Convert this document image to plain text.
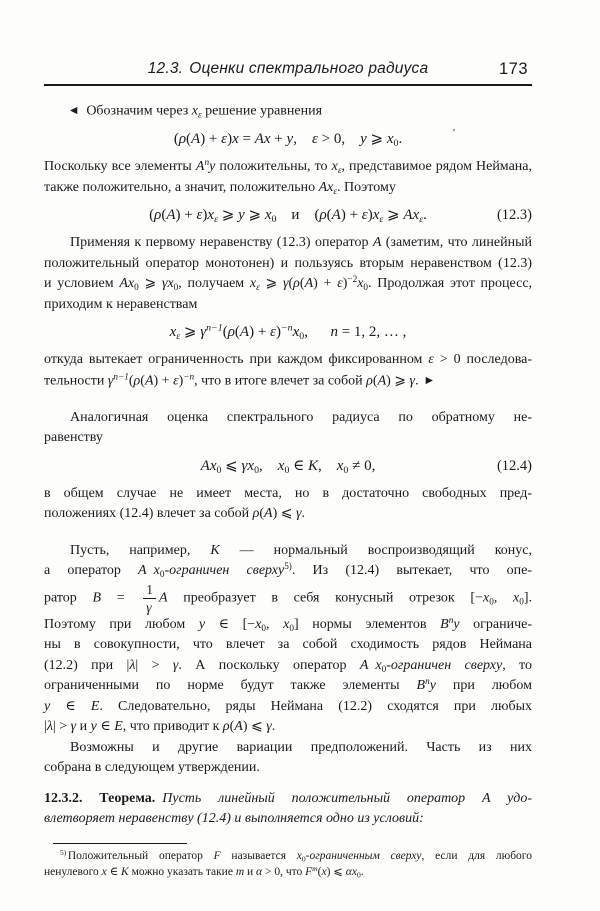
12.3. Оценки спектрального радиуса	173
◀ Обозначим через xε решение уравнения
(ρ(A) + ε)x = Ax + y, ε > 0, y ⩾ x0.
Поскольку все элементы $A^ny$ положительны, то xε, представимое рядом Неймана,
также положительно, а значит, положительно Axε. Поэтому
(ρ(A) + ε)xε ⩾ y ⩾ x0 и (ρ(A) + ε)xε ⩾ Axε.	(12.3)
Применяя к первому неравенству (12.3) оператор A (заметим, что линейный
положительный оператор монотонен) и пользуясь вторым неравенством (12.3)
и условием Ax0 ⩾ γx0, получаем xε ⩾ $\gamma(\rho(A) + \varepsilon)^{-2}x0$. Продолжая этот процесс,
приходим к неравенствам
xε ⩾ $\gamma^{n-1}(\rho(A) + \varepsilon)^{-n}x0$,  n = 1, 2, … ,
откуда вытекает ограниченность при каждом фиксированном ε > 0 последова-
тельности $\gamma^{n-1}(\rho(A) + \varepsilon)^{-n}$, что в итоге влечет за собой ρ(A) ⩾ γ. ▶
Аналогичная оценка спектрального радиуса по обратному не-
равенству
Ax0 ⩽ γx0, x0 ∈ K, x0 ≠ 0,	(12.4)
в общем случае не имеет места, но в достаточно свободных пред-
положениях (12.4) влечет за собой ρ(A) ⩽ γ.
Пусть, например, K — нормальный воспроизводящий конус,
а оператор A  x0-ограничен сверху$^{5)}$. Из (12.4) вытекает, что опе-
ратор $B = \frac{1}{\gamma}$ A преобразует в себя конусный отрезок [−x0, x0].
Поэтому при любом y ∈ [−x0, x0] нормы элементов $B^ny$ ограниче-
ны в совокупности, что влечет за собой сходимость рядов Неймана
(12.2) при |λ| > γ. А поскольку оператор A  x0-ограничен сверху, то
ограниченными по норме будут также элементы $B^ny$ при любом
y ∈ E. Следовательно, ряды Неймана (12.2) сходятся при любых
|λ| > γ и y ∈ E, что приводит к ρ(A) ⩽ γ.
Возможны и другие вариации предположений. Часть из них
собрана в следующем утверждении.
12.3.2. Теорема.  Пусть линейный положительный оператор A удо-
влетворяет неравенству (12.4) и выполняется одно из условий:
$^{5)}$ Положительный оператор F называется x0-ограниченным сверху, если для любого
ненулевого x ∈ K можно указать такие m и α > 0, что $F^m(x)$ ⩽ αx0.
’
